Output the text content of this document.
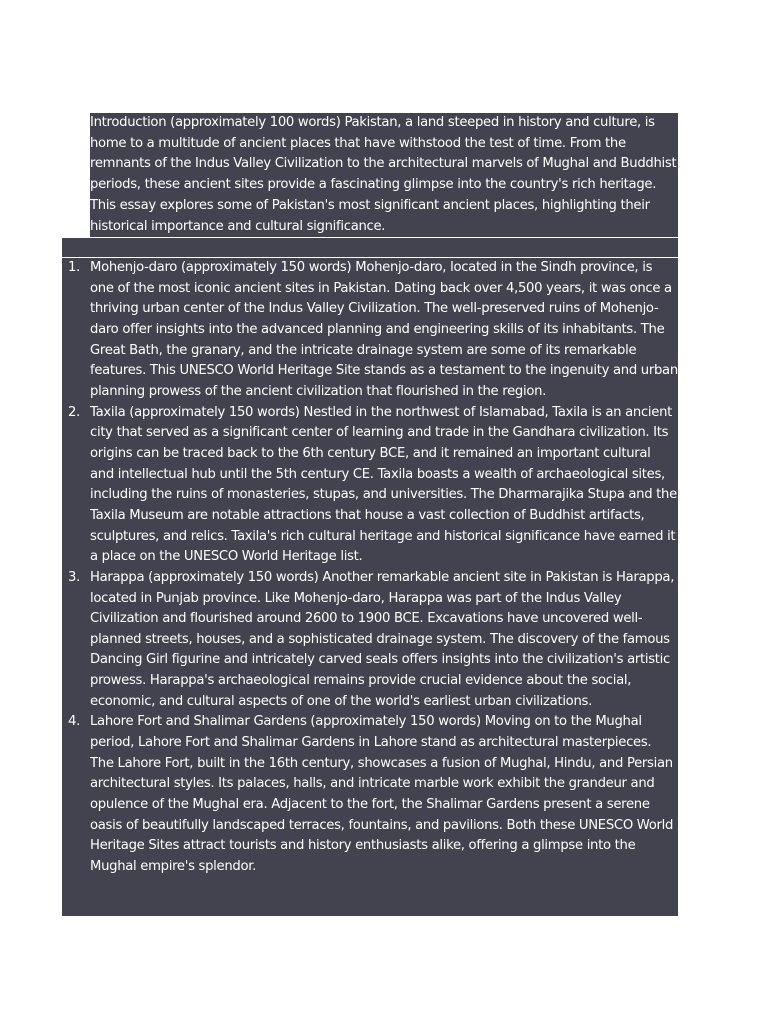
Introduction (approximately 100 words) Pakistan, a land steeped in history and culture, is home to a multitude of ancient places that have withstood the test of time. From the remnants of the Indus Valley Civilization to the architectural marvels of Mughal and Buddhist periods, these ancient sites provide a fascinating glimpse into the country's rich heritage. This essay explores some of Pakistan's most significant ancient places, highlighting their historical importance and cultural significance.
1. Mohenjo-daro (approximately 150 words) Mohenjo-daro, located in the Sindh province, is one of the most iconic ancient sites in Pakistan. Dating back over 4,500 years, it was once a thriving urban center of the Indus Valley Civilization. The well-preserved ruins of Mohenjo-daro offer insights into the advanced planning and engineering skills of its inhabitants. The Great Bath, the granary, and the intricate drainage system are some of its remarkable features. This UNESCO World Heritage Site stands as a testament to the ingenuity and urban planning prowess of the ancient civilization that flourished in the region.
2. Taxila (approximately 150 words) Nestled in the northwest of Islamabad, Taxila is an ancient city that served as a significant center of learning and trade in the Gandhara civilization. Its origins can be traced back to the 6th century BCE, and it remained an important cultural and intellectual hub until the 5th century CE. Taxila boasts a wealth of archaeological sites, including the ruins of monasteries, stupas, and universities. The Dharmarajika Stupa and the Taxila Museum are notable attractions that house a vast collection of Buddhist artifacts, sculptures, and relics. Taxila's rich cultural heritage and historical significance have earned it a place on the UNESCO World Heritage list.
3. Harappa (approximately 150 words) Another remarkable ancient site in Pakistan is Harappa, located in Punjab province. Like Mohenjo-daro, Harappa was part of the Indus Valley Civilization and flourished around 2600 to 1900 BCE. Excavations have uncovered well-planned streets, houses, and a sophisticated drainage system. The discovery of the famous Dancing Girl figurine and intricately carved seals offers insights into the civilization's artistic prowess. Harappa's archaeological remains provide crucial evidence about the social, economic, and cultural aspects of one of the world's earliest urban civilizations.
4. Lahore Fort and Shalimar Gardens (approximately 150 words) Moving on to the Mughal period, Lahore Fort and Shalimar Gardens in Lahore stand as architectural masterpieces. The Lahore Fort, built in the 16th century, showcases a fusion of Mughal, Hindu, and Persian architectural styles. Its palaces, halls, and intricate marble work exhibit the grandeur and opulence of the Mughal era. Adjacent to the fort, the Shalimar Gardens present a serene oasis of beautifully landscaped terraces, fountains, and pavilions. Both these UNESCO World Heritage Sites attract tourists and history enthusiasts alike, offering a glimpse into the Mughal empire's splendor.
